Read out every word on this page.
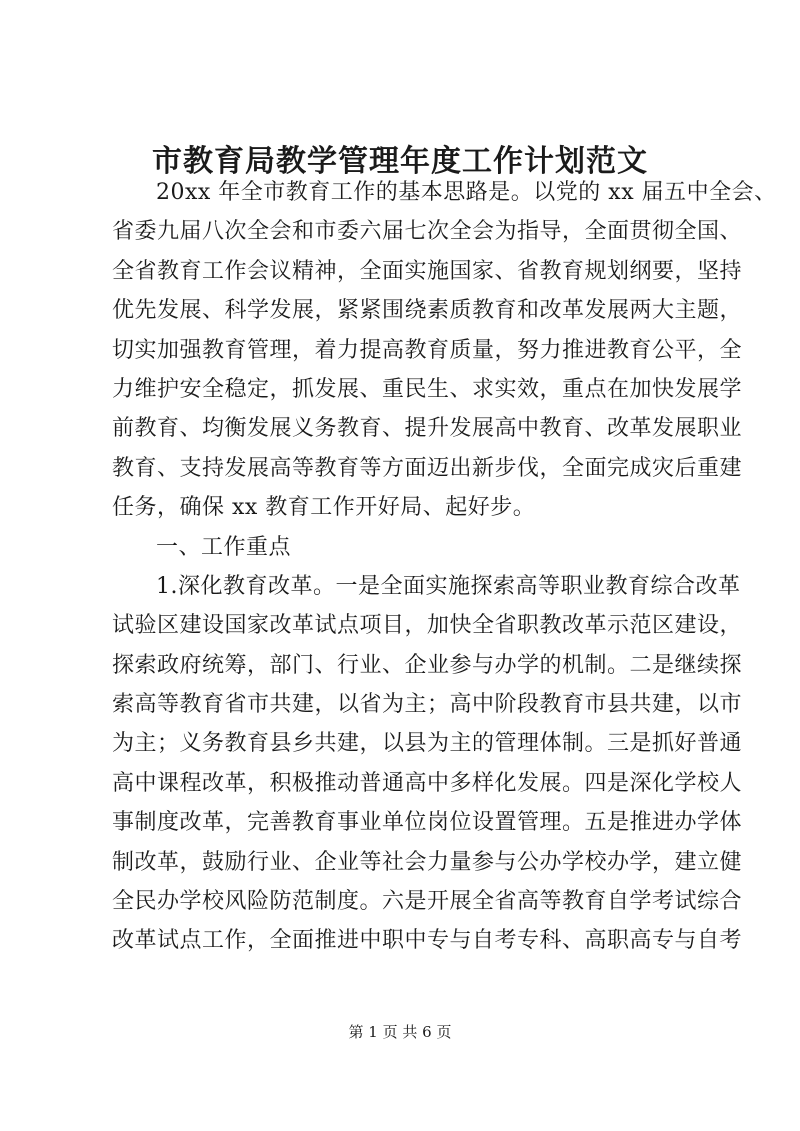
市教育局教学管理年度工作计划范文
20xx 年全市教育工作的基本思路是。以党的 xx 届五中全会、
省委九届八次全会和市委六届七次全会为指导，全面贯彻全国、
全省教育工作会议精神，全面实施国家、省教育规划纲要，坚持
优先发展、科学发展，紧紧围绕素质教育和改革发展两大主题，
切实加强教育管理，着力提高教育质量，努力推进教育公平，全
力维护安全稳定，抓发展、重民生、求实效，重点在加快发展学
前教育、均衡发展义务教育、提升发展高中教育、改革发展职业
教育、支持发展高等教育等方面迈出新步伐，全面完成灾后重建
任务，确保 xx 教育工作开好局、起好步。
一、工作重点
1.深化教育改革。一是全面实施探索高等职业教育综合改革
试验区建设国家改革试点项目，加快全省职教改革示范区建设，
探索政府统筹，部门、行业、企业参与办学的机制。二是继续探
索高等教育省市共建，以省为主；高中阶段教育市县共建，以市
为主；义务教育县乡共建，以县为主的管理体制。三是抓好普通
高中课程改革，积极推动普通高中多样化发展。四是深化学校人
事制度改革，完善教育事业单位岗位设置管理。五是推进办学体
制改革，鼓励行业、企业等社会力量参与公办学校办学，建立健
全民办学校风险防范制度。六是开展全省高等教育自学考试综合
改革试点工作，全面推进中职中专与自考专科、高职高专与自考
第 1 页 共 6 页
